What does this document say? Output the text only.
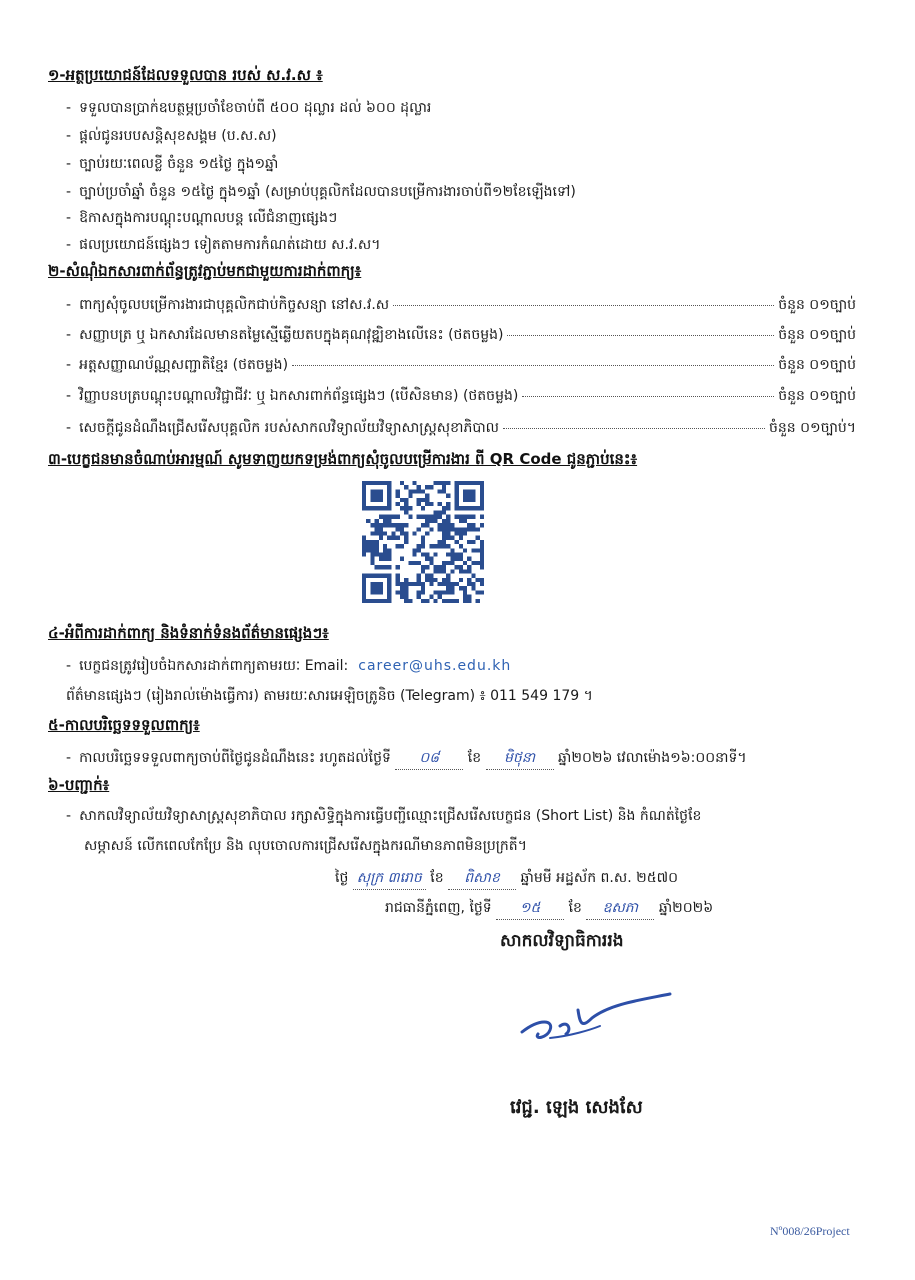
១-អត្ថប្រយោជន៍ដែលទទួលបាន របស់ ស.វ.ស ៖
- ទទួលបានប្រាក់ឧបត្ថម្ភប្រចាំខែចាប់ពី ៥០០ ដុល្លារ ដល់ ៦០០ ដុល្លារ
- ផ្តល់ជូនរបបសន្តិសុខសង្គម (ប.ស.ស)
- ច្បាប់រយៈពេលខ្លី ចំនួន ១៥ថ្ងៃ ក្នុង១ឆ្នាំ
- ច្បាប់ប្រចាំឆ្នាំ ចំនួន ១៥ថ្ងៃ ក្នុង១ឆ្នាំ (សម្រាប់បុគ្គលិកដែលបានបម្រើការងារចាប់ពី១២ខែឡើងទៅ)
- ឱកាសក្នុងការបណ្តុះបណ្តាលបន្ត លើជំនាញផ្សេងៗ
- ផលប្រយោជន៍ផ្សេងៗ ទៀតតាមការកំណត់ដោយ ស.វ.ស។
២-សំណុំឯកសារពាក់ព័ន្ធត្រូវភ្ជាប់មកជាមួយការដាក់ពាក្យ៖
- ពាក្យសុំចូលបម្រើការងារជាបុគ្គលិកជាប់កិច្ចសន្យា នៅស.វ.ស	ចំនួន ០១ច្បាប់
- សញ្ញាបត្រ ឬ ឯកសារដែលមានតម្លៃស្មើឆ្លើយតបក្នុងគុណវុឌ្ឍិខាងលើនេះ (ថតចម្លង)	ចំនួន ០១ច្បាប់
- អត្តសញ្ញាណប័ណ្ណសញ្ជាតិខ្មែរ (ថតចម្លង)	ចំនួន ០១ច្បាប់
- វិញ្ញាបនបត្របណ្តុះបណ្តាលវិជ្ជាជីវៈ ឬ ឯកសារពាក់ព័ន្ធផ្សេងៗ (បើសិនមាន) (ថតចម្លង)	ចំនួន ០១ច្បាប់
- សេចក្តីជូនដំណឹងជ្រើសរើសបុគ្គលិក របស់សាកលវិទ្យាល័យវិទ្យាសាស្ត្រសុខាភិបាល	ចំនួន ០១ច្បាប់។
៣-បេក្ខជនមានចំណាប់អារម្មណ៍ សូមទាញយកទម្រង់ពាក្យសុំចូលបម្រើការងារ ពី QR Code ជូនភ្ជាប់នេះ៖
៤-អំពីការដាក់ពាក្យ និងទំនាក់ទំនងព័ត៌មានផ្សេងៗ៖
- បេក្ខជនត្រូវរៀបចំឯកសារដាក់ពាក្យតាមរយៈ Email: career@uhs.edu.kh
ព័ត៌មានផ្សេងៗ (រៀងរាល់ម៉ោងធ្វើការ) តាមរយៈសារអេឡិចត្រូនិច (Telegram) ៖ 011 549 179 ។
៥-កាលបរិច្ឆេទទទួលពាក្យ៖
- កាលបរិច្ឆេទទទួលពាក្យចាប់ពីថ្ងៃជូនដំណឹងនេះ រហូតដល់ថ្ងៃទី ០៨ ខែ មិថុនា ឆ្នាំ២០២៦ វេលាម៉ោង១៦:០០នាទី។
៦-បញ្ជាក់៖
- សាកលវិទ្យាល័យវិទ្យាសាស្ត្រសុខាភិបាល រក្សាសិទ្ធិក្នុងការធ្វើបញ្ជីឈ្មោះជ្រើសរើសបេក្ខជន (Short List) និង កំណត់ថ្ងៃខែ
សម្ភាសន៍ លើកពេលកែប្រែ និង លុបចោលការជ្រើសរើសក្នុងករណីមានភាពមិនប្រក្រតី។
ថ្ងៃ សុក្រ ៣រោច ខែ ពិសាខ ឆ្នាំមមី អដ្ឋស័ក ព.ស. ២៥៧០
រាជធានីភ្នំពេញ, ថ្ងៃទី ១៥ ខែ ឧសភា ឆ្នាំ២០២៦
សាកលវិទ្យាធិការរង
វេជ្ជ. ឡេង សេងសែ
Nº008/26Project
